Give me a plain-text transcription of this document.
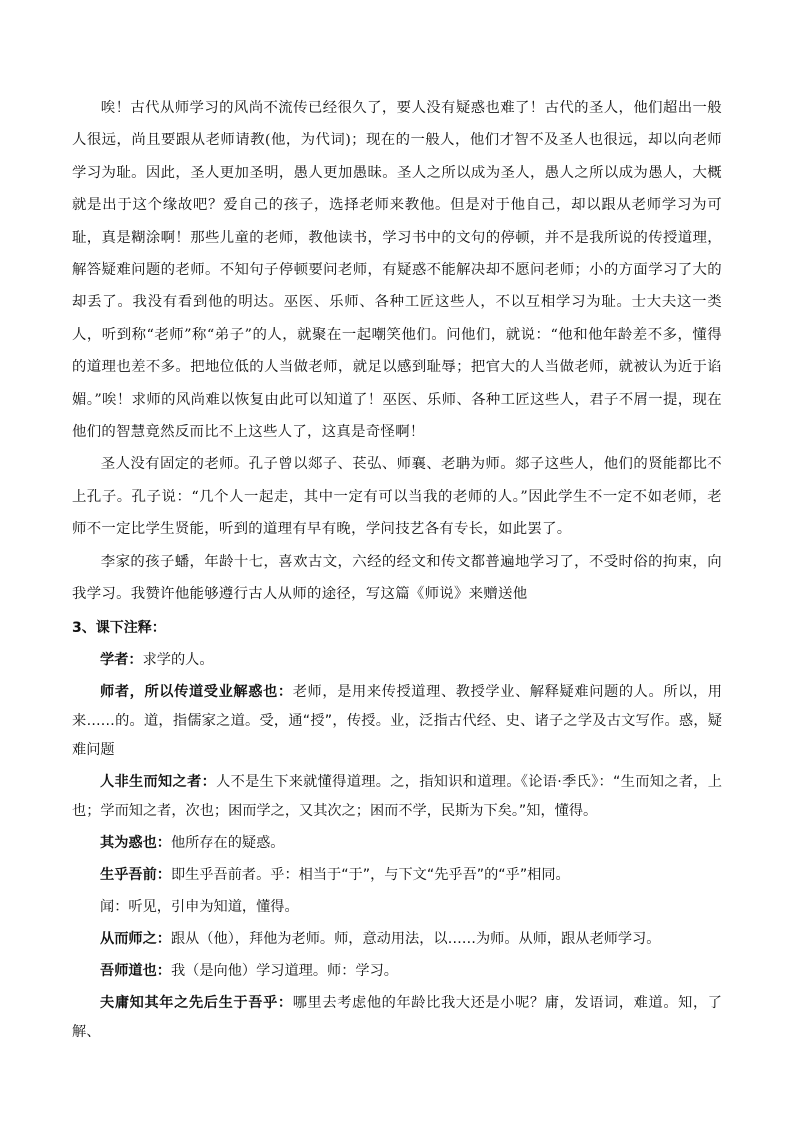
唉！古代从师学习的风尚不流传已经很久了，要人没有疑惑也难了！古代的圣人，他们超出一般人很远，尚且要跟从老师请教(他，为代词)；现在的一般人，他们才智不及圣人也很远，却以向老师学习为耻。因此，圣人更加圣明，愚人更加愚昧。圣人之所以成为圣人，愚人之所以成为愚人，大概就是出于这个缘故吧？爱自己的孩子，选择老师来教他。但是对于他自己，却以跟从老师学习为可耻，真是糊涂啊！那些儿童的老师，教他读书，学习书中的文句的停顿，并不是我所说的传授道理，解答疑难问题的老师。不知句子停顿要问老师，有疑惑不能解决却不愿问老师；小的方面学习了大的却丢了。我没有看到他的明达。巫医、乐师、各种工匠这些人，不以互相学习为耻。士大夫这一类人，听到称“老师”称“弟子”的人，就聚在一起嘲笑他们。问他们，就说：“他和他年龄差不多，懂得的道理也差不多。把地位低的人当做老师，就足以感到耻辱；把官大的人当做老师，就被认为近于谄媚。”唉！求师的风尚难以恢复由此可以知道了！巫医、乐师、各种工匠这些人，君子不屑一提，现在他们的智慧竟然反而比不上这些人了，这真是奇怪啊！

圣人没有固定的老师。孔子曾以郯子、苌弘、师襄、老聃为师。郯子这些人，他们的贤能都比不上孔子。孔子说：“几个人一起走，其中一定有可以当我的老师的人。”因此学生不一定不如老师，老师不一定比学生贤能，听到的道理有早有晚，学问技艺各有专长，如此罢了。

李家的孩子蟠，年龄十七，喜欢古文，六经的经文和传文都普遍地学习了，不受时俗的拘束，向我学习。我赞许他能够遵行古人从师的途径，写这篇《师说》来赠送他

3、课下注释：

学者：求学的人。

师者，所以传道受业解惑也：老师，是用来传授道理、教授学业、解释疑难问题的人。所以，用来……的。道，指儒家之道。受，通“授”，传授。业，泛指古代经、史、诸子之学及古文写作。惑，疑难问题

人非生而知之者：人不是生下来就懂得道理。之，指知识和道理。《论语·季氏》：“生而知之者，上也；学而知之者，次也；困而学之，又其次之；困而不学，民斯为下矣。”知，懂得。

其为惑也：他所存在的疑惑。

生乎吾前：即生乎吾前者。乎：相当于“于”，与下文“先乎吾”的“乎”相同。

闻：听见，引申为知道，懂得。

从而师之：跟从（他），拜他为老师。师，意动用法，以……为师。从师，跟从老师学习。

吾师道也：我（是向他）学习道理。师：学习。

夫庸知其年之先后生于吾乎：哪里去考虑他的年龄比我大还是小呢？庸，发语词，难道。知，了解、
